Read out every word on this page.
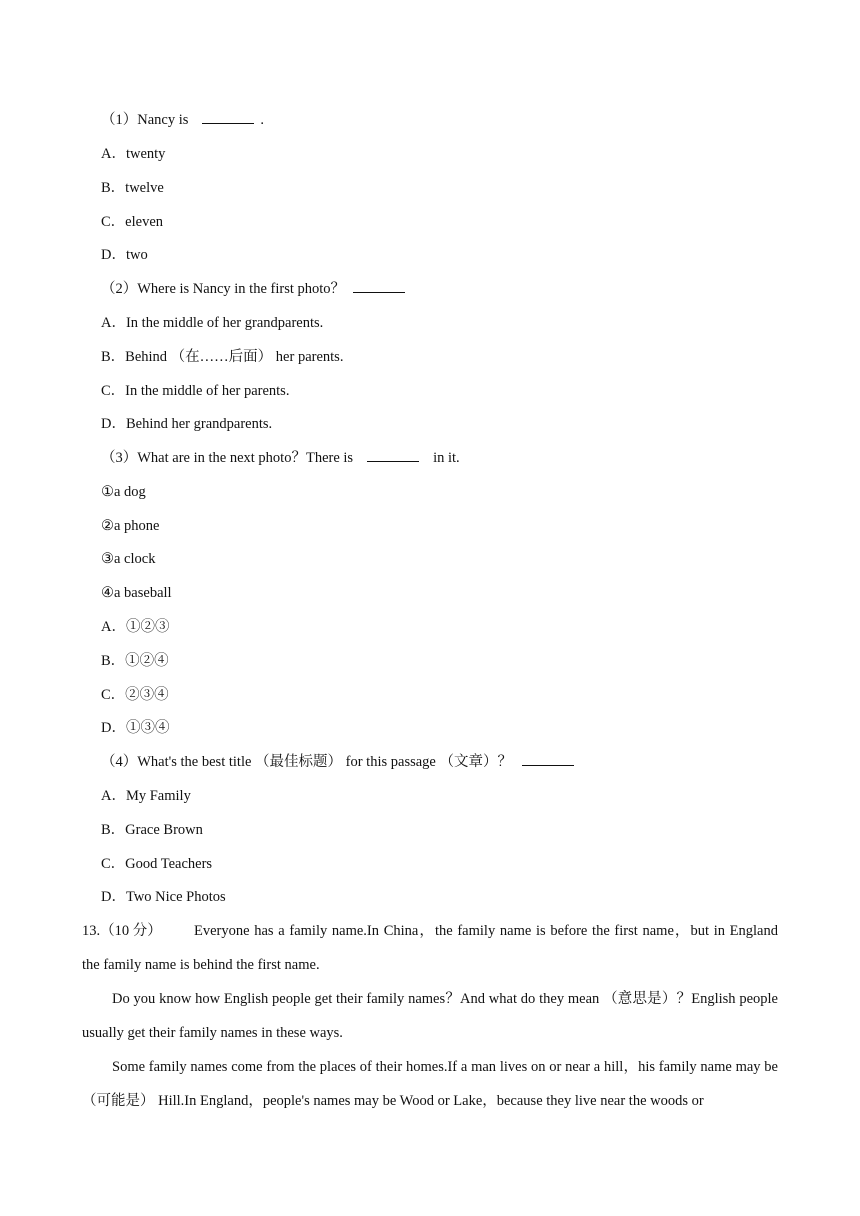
（1）Nancy is	.
A．twenty
B．twelve
C．eleven
D．two
（2）Where is Nancy in the first photo？
A．In the middle of her grandparents.
B．Behind （在……后面） her parents.
C．In the middle of her parents.
D．Behind her grandparents.
（3）What are in the next photo？There is	in it.
①a dog
②a phone
③a clock
④a baseball
A．①②③
B．①②④
C．②③④
D．①③④
（4）What's the best title （最佳标题） for this passage （文章）？
A．My Family
B．Grace Brown
C．Good Teachers
D．Two Nice Photos
13.（10 分） Everyone has a family name.In China，the family name is before the first name，but in England the family name is behind the first name.
Do you know how English people get their family names？And what do they mean （意思是）？English people usually get their family names in these ways.
Some family names come from the places of their homes.If a man lives on or near a hill，his family name may be （可能是） Hill.In England，people's names may be Wood or Lake，because they live near the woods or
